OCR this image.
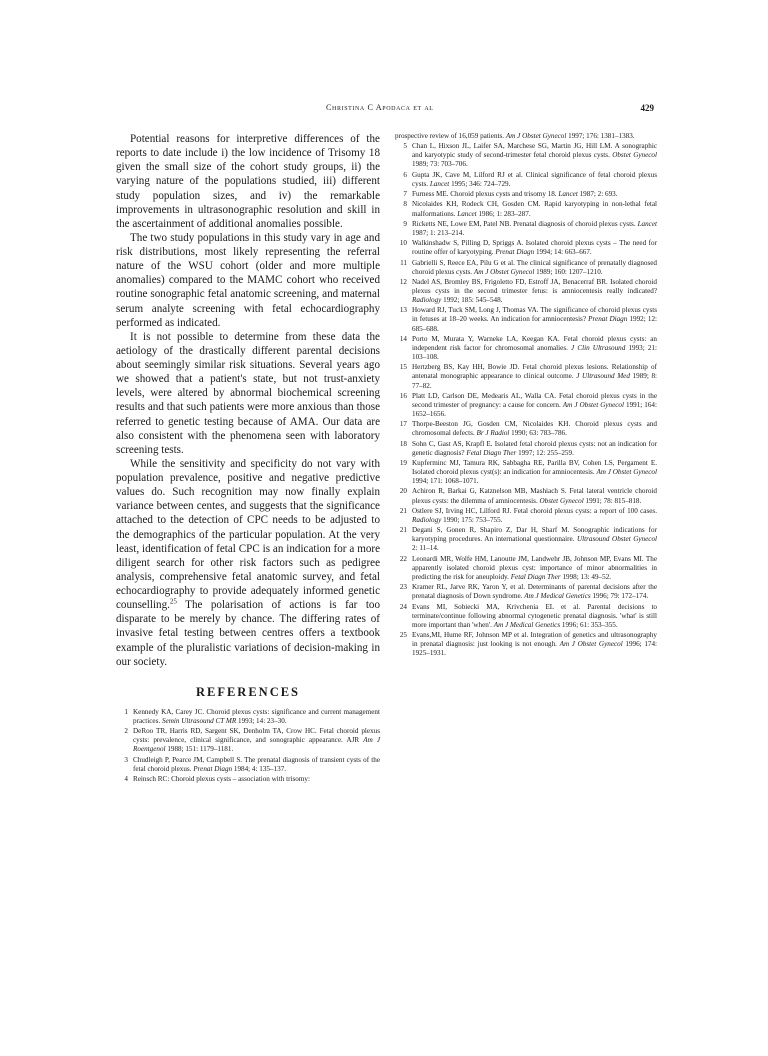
Christina C Apodaca et al	429

Potential reasons for interpretive differences of the reports to date include i) the low incidence of Trisomy 18 given the small size of the cohort study groups, ii) the varying nature of the populations studied, iii) different study population sizes, and iv) the remarkable improvements in ultrasonographic resolution and skill in the ascertainment of additional anomalies possible.

The two study populations in this study vary in age and risk distributions, most likely representing the referral nature of the WSU cohort (older and more multiple anomalies) compared to the MAMC cohort who received routine sonographic fetal anatomic screening, and maternal serum analyte screening with fetal echocardiography performed as indicated.

It is not possible to determine from these data the aetiology of the drastically different parental decisions about seemingly similar risk situations. Several years ago we showed that a patient's state, but not trust-anxiety levels, were altered by abnormal biochemical screening results and that such patients were more anxious than those referred to genetic testing because of AMA. Our data are also consistent with the phenomena seen with laboratory screening tests.

While the sensitivity and specificity do not vary with population prevalence, positive and negative predictive values do. Such recognition may now finally explain variance between centes, and suggests that the significance attached to the detection of CPC needs to be adjusted to the demographics of the particular population. At the very least, identification of fetal CPC is an indication for a more diligent search for other risk factors such as pedigree analysis, comprehensive fetal anatomic survey, and fetal echocardiography to provide adequately informed genetic counselling.$^{25}$ The polarisation of actions is far too disparate to be merely by chance. The differing rates of invasive fetal testing between centres offers a textbook example of the pluralistic variations of decision-making in our society.

REFERENCES
1 Kennedy KA, Carey JC. Choroid plexus cysts: significance and current management practices. Semin Ultrasound CT MR 1993; 14: 23–30.
2 DeRoo TR, Harris RD, Sargent SK, Denholm TA, Crow HC. Fetal choroid plexus cysts: prevalence, clinical significance, and sonographic appearance. AJR Am J Roentgenol 1988; 151: 1179–1181.
3 Chudleigh P, Pearce JM, Campbell S. The prenatal diagnosis of transient cysts of the fetal choroid plexus. Prenat Diagn 1984; 4: 135–137.
4 Reinsch RC: Choroid plexus cysts – association with trisomy:
prospective review of 16,059 patients. Am J Obstet Gynecol 1997; 176: 1381–1383.
5 Chan L, Hixson JL, Laifer SA, Marchese SG, Martin JG, Hill LM. A sonographic and karyotypic study of second-trimester fetal choroid plexus cysts. Obstet Gynecol 1989; 73: 703–706.
6 Gupta JK, Cave M, Lilford RJ et al. Clinical significance of fetal choroid plexus cysts. Lancet 1995; 346: 724–729.
7 Furness ME. Choroid plexus cysts and trisomy 18. Lancet 1987; 2: 693.
8 Nicolaides KH, Rodeck CH, Gosden CM. Rapid karyotyping in non-lethal fetal malformations. Lancet 1986; 1: 283–287.
9 Ricketts NE, Lowe EM, Patel NB. Prenatal diagnosis of choroid plexus cysts. Lancet 1987; 1: 213–214.
10 Walkinshadw S, Pilling D, Spriggs A. Isolated choroid plexus cysts – The need for routine offer of karyotyping. Prenat Diagn 1994; 14: 663–667.
11 Gabrielli S, Reece EA, Pilu G et al. The clinical significance of prenatally diagnosed choroid plexus cysts. Am J Obstet Gynecol 1989; 160: 1207–1210.
12 Nadel AS, Bromley BS, Frigoletto FD, Estroff JA, Benacerraf BR. Isolated choroid plexus cysts in the second trimester fetus: is amniocentesis really indicated? Radiology 1992; 185: 545–548.
13 Howard RJ, Tuck SM, Long J, Thomas VA. The significance of choroid plexus cysts in fetuses at 18–20 weeks. An indication for amniocentesis? Prenat Diagn 1992; 12: 685–688.
14 Porto M, Murata Y, Warneke LA, Keegan KA. Fetal choroid plexus cysts: an independent risk factor for chromosomal anomalies. J Clin Ultrasound 1993; 21: 103–108.
15 Hertzberg BS, Kay HH, Bowie JD. Fetal choroid plexus lesions. Relationship of antenatal monographic appearance to clinical outcome. J Ultrasound Med 1989; 8: 77–82.
16 Platt LD, Carlson DE, Medearis AL, Walla CA. Fetal choroid plexus cysts in the second trimester of pregnancy: a cause for concern. Am J Obstet Gynecol 1991; 164: 1652–1656.
17 Thorpe-Beeston JG, Gosden CM, Nicolaides KH. Choroid plexus cysts and chromosomal defects. Br J Radiol 1990; 63: 783–786.
18 Sohn C, Gast AS, Krapfl E. Isolated fetal choroid plexus cysts: not an indication for genetic diagnosis? Fetal Diagn Ther 1997; 12: 255–259.
19 Kupferminc MJ, Tamura RK, Sabbagha RE, Parilla BV, Cohen LS, Pergament E. Isolated choroid plexus cyst(s): an indication for amniocentesis. Am J Obstet Gynecol 1994; 171: 1068–1071.
20 Achiron R, Barkai G, Katznelson MB, Mashiach S. Fetal lateral ventricle choroid plexus cysts: the dilemma of amniocentesis. Obstet Gynecol 1991; 78: 815–818.
21 Ostlere SJ, Irving HC, Lilford RJ. Fetal choroid plexus cysts: a report of 100 cases. Radiology 1990; 175: 753–755.
21 Degani S, Gonen R, Shapiro Z, Dar H, Sharf M. Sonographic indications for karyotyping procedures. An international questionnaire. Ultrasound Obstet Gynecol 2: 11–14.
22 Leonardi MR, Wolfe HM, Lanoutte JM, Landwehr JB, Johnson MP, Evans MI. The apparently isolated choroid plexus cyst: importance of minor abnormalities in predicting the risk for aneuploidy. Fetal Diagn Ther 1998; 13: 49–52.
23 Kramer RL, Jarve RK, Yaron Y, et al. Determinants of parental decisions after the prenatal diagnosis of Down syndrome. Am J Medical Genetics 1996; 79: 172–174.
24 Evans MI, Sobiecki MA, Krivchenia EL et al. Parental decisions to terminate/continue following abnormal cytogenetic prenatal diagnosis. 'what' is still more important than 'when'. Am J Medical Genetics 1996; 61: 353–355.
25 Evans,MI, Hume RF, Johnson MP et al. Integration of genetics and ultrasonography in prenatal diagnosis: just looking is not enough. Am J Obstet Gynecol 1996; 174: 1925–1931.
